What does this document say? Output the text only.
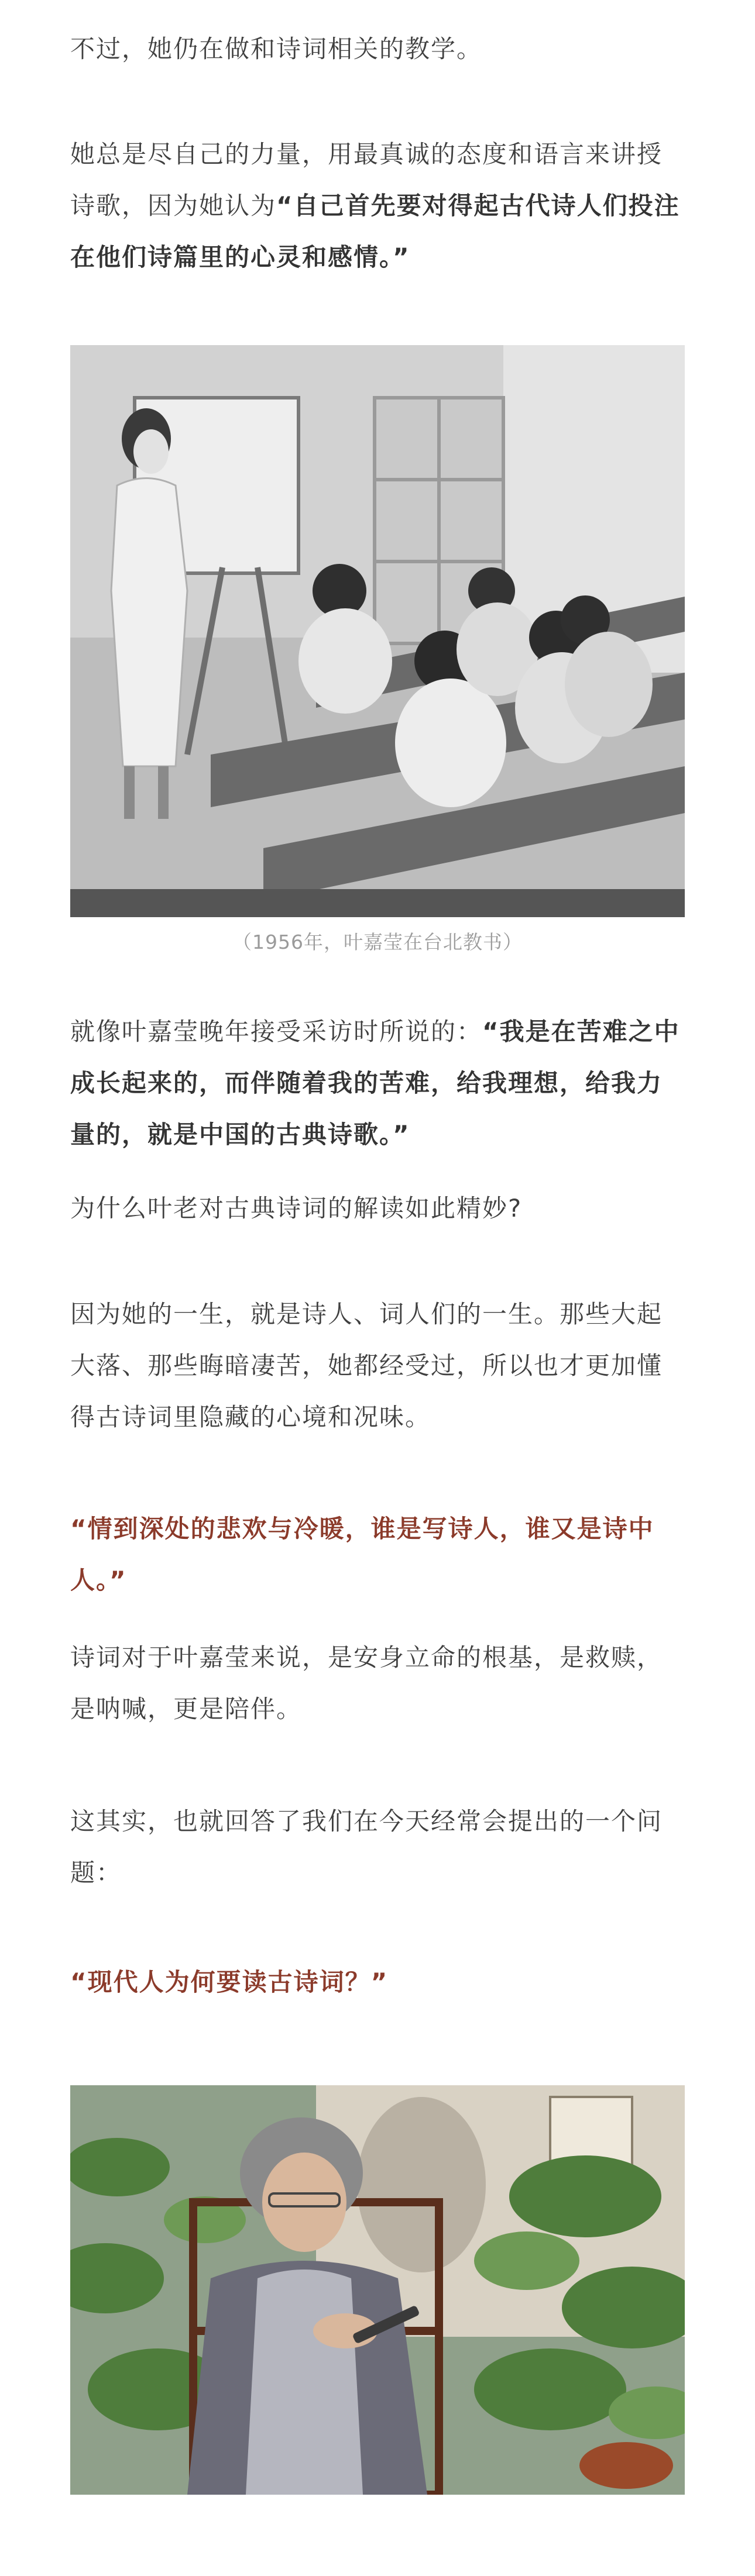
不过，她仍在做和诗词相关的教学。

她总是尽自己的力量，用最真诚的态度和语言来讲授诗歌，因为她认为“自己首先要对得起古代诗人们投注在他们诗篇里的心灵和感情。”

（1956年，叶嘉莹在台北教书）

就像叶嘉莹晚年接受采访时所说的：“我是在苦难之中成长起来的，而伴随着我的苦难，给我理想，给我力量的，就是中国的古典诗歌。”

为什么叶老对古典诗词的解读如此精妙?

因为她的一生，就是诗人、词人们的一生。那些大起大落、那些晦暗凄苦，她都经受过，所以也才更加懂得古诗词里隐藏的心境和况味。

“情到深处的悲欢与冷暖，谁是写诗人，谁又是诗中人。”

诗词对于叶嘉莹来说，是安身立命的根基，是救赎，是呐喊，更是陪伴。

这其实，也就回答了我们在今天经常会提出的一个问题：

“现代人为何要读古诗词？”
